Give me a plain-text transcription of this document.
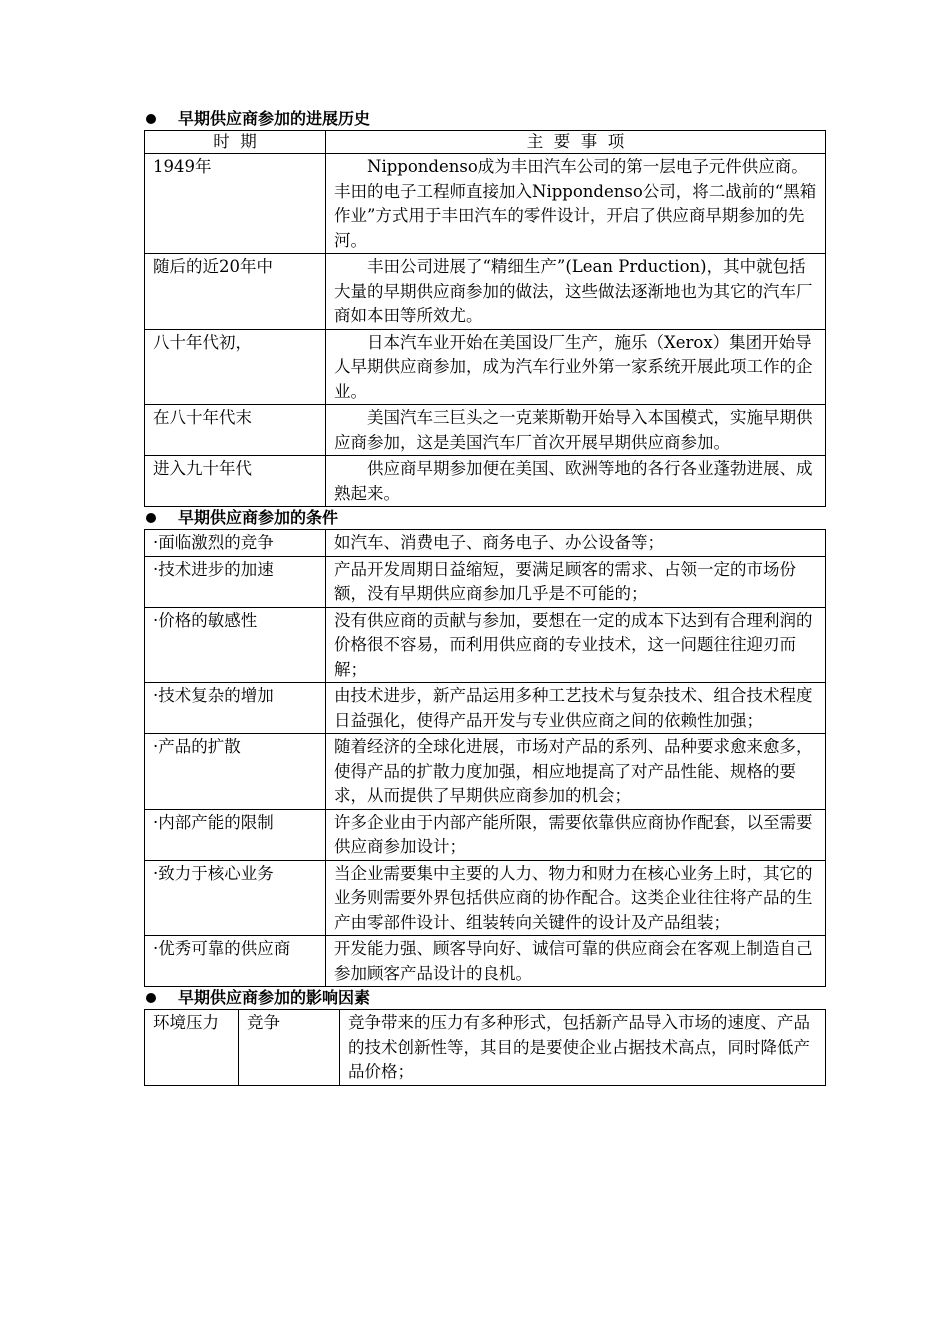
早期供应商参加的进展历史
时  期	主  要  事  项
1949年	Nippondenso成为丰田汽车公司的第一层电子元件供应商。丰田的电子工程师直接加入Nippondenso公司，将二战前的“黑箱作业”方式用于丰田汽车的零件设计，开启了供应商早期参加的先河。
随后的近20年中	丰田公司进展了“精细生产”(Lean Prduction)，其中就包括大量的早期供应商参加的做法，这些做法逐渐地也为其它的汽车厂商如本田等所效尤。
八十年代初，	日本汽车业开始在美国设厂生产，施乐（Xerox）集团开始导人早期供应商参加，成为汽车行业外第一家系统开展此项工作的企业。
在八十年代末	美国汽车三巨头之一克莱斯勒开始导入本国模式，实施早期供应商参加，这是美国汽车厂首次开展早期供应商参加。
进入九十年代	供应商早期参加便在美国、欧洲等地的各行各业蓬勃进展、成熟起来。
早期供应商参加的条件
·面临激烈的竞争	如汽车、消费电子、商务电子、办公设备等；
·技术进步的加速	产品开发周期日益缩短，要满足顾客的需求、占领一定的市场份额，没有早期供应商参加几乎是不可能的；
·价格的敏感性	没有供应商的贡献与参加，要想在一定的成本下达到有合理利润的价格很不容易，而利用供应商的专业技术，这一问题往往迎刃而解；
·技术复杂的增加	由技术进步，新产品运用多种工艺技术与复杂技术、组合技术程度日益强化，使得产品开发与专业供应商之间的依赖性加强；
·产品的扩散	随着经济的全球化进展，市场对产品的系列、品种要求愈来愈多，使得产品的扩散力度加强，相应地提高了对产品性能、规格的要求，从而提供了早期供应商参加的机会；
·内部产能的限制	许多企业由于内部产能所限，需要依靠供应商协作配套，以至需要供应商参加设计；
·致力于核心业务	当企业需要集中主要的人力、物力和财力在核心业务上时，其它的业务则需要外界包括供应商的协作配合。这类企业往往将产品的生产由零部件设计、组装转向关键件的设计及产品组装；
·优秀可靠的供应商	开发能力强、顾客导向好、诚信可靠的供应商会在客观上制造自己参加顾客产品设计的良机。
早期供应商参加的影响因素
环境压力	竞争	竞争带来的压力有多种形式，包括新产品导入市场的速度、产品的技术创新性等，其目的是要使企业占据技术高点，同时降低产品价格；
